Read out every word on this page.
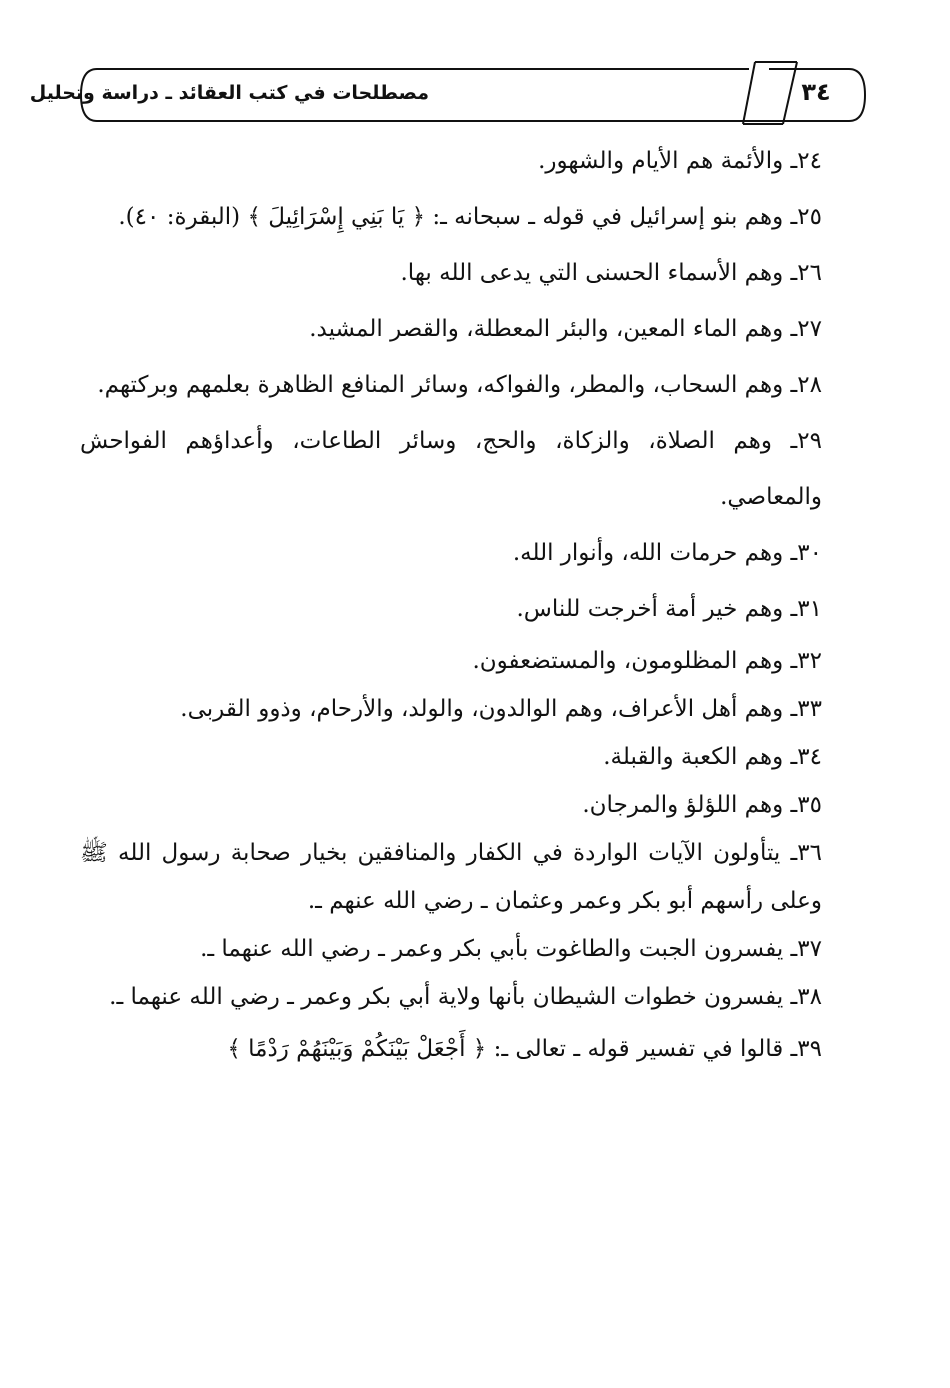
مصطلحات في كتب العقائد ـ دراسة وتحليل	٣٤

٢٤ـ والأئمة هم الأيام والشهور.

٢٥ـ وهم بنو إسرائيل في قوله ـ سبحانه ـ: ﴿ يَا بَنِي إِسْرَائِيلَ ﴾ (البقرة: ٤٠).

٢٦ـ وهم الأسماء الحسنى التي يدعى الله بها.

٢٧ـ وهم الماء المعين، والبئر المعطلة، والقصر المشيد.

٢٨ـ وهم السحاب، والمطر، والفواكه، وسائر المنافع الظاهرة بعلمهم وبركتهم.

٢٩ـ وهم الصلاة، والزكاة، والحج، وسائر الطاعات، وأعداؤهم الفواحش والمعاصي.

٣٠ـ وهم حرمات الله، وأنوار الله.

٣١ـ وهم خير أمة أخرجت للناس.

٣٢ـ وهم المظلومون، والمستضعفون.

٣٣ـ وهم أهل الأعراف، وهم الوالدون، والولد، والأرحام، وذوو القربى.

٣٤ـ وهم الكعبة والقبلة.

٣٥ـ وهم اللؤلؤ والمرجان.

٣٦ـ يتأولون الآيات الواردة في الكفار والمنافقين بخيار صحابة رسول الله ﷺ وعلى رأسهم أبو بكر وعمر وعثمان ـ رضي الله عنهم ـ.

٣٧ـ يفسرون الجبت والطاغوت بأبي بكر وعمر ـ رضي الله عنهما ـ.

٣٨ـ يفسرون خطوات الشيطان بأنها ولاية أبي بكر وعمر ـ رضي الله عنهما ـ.

٣٩ـ قالوا في تفسير قوله ـ تعالى ـ: ﴿ أَجْعَلْ بَيْنَكُمْ وَبَيْنَهُمْ رَدْمًا ﴾
